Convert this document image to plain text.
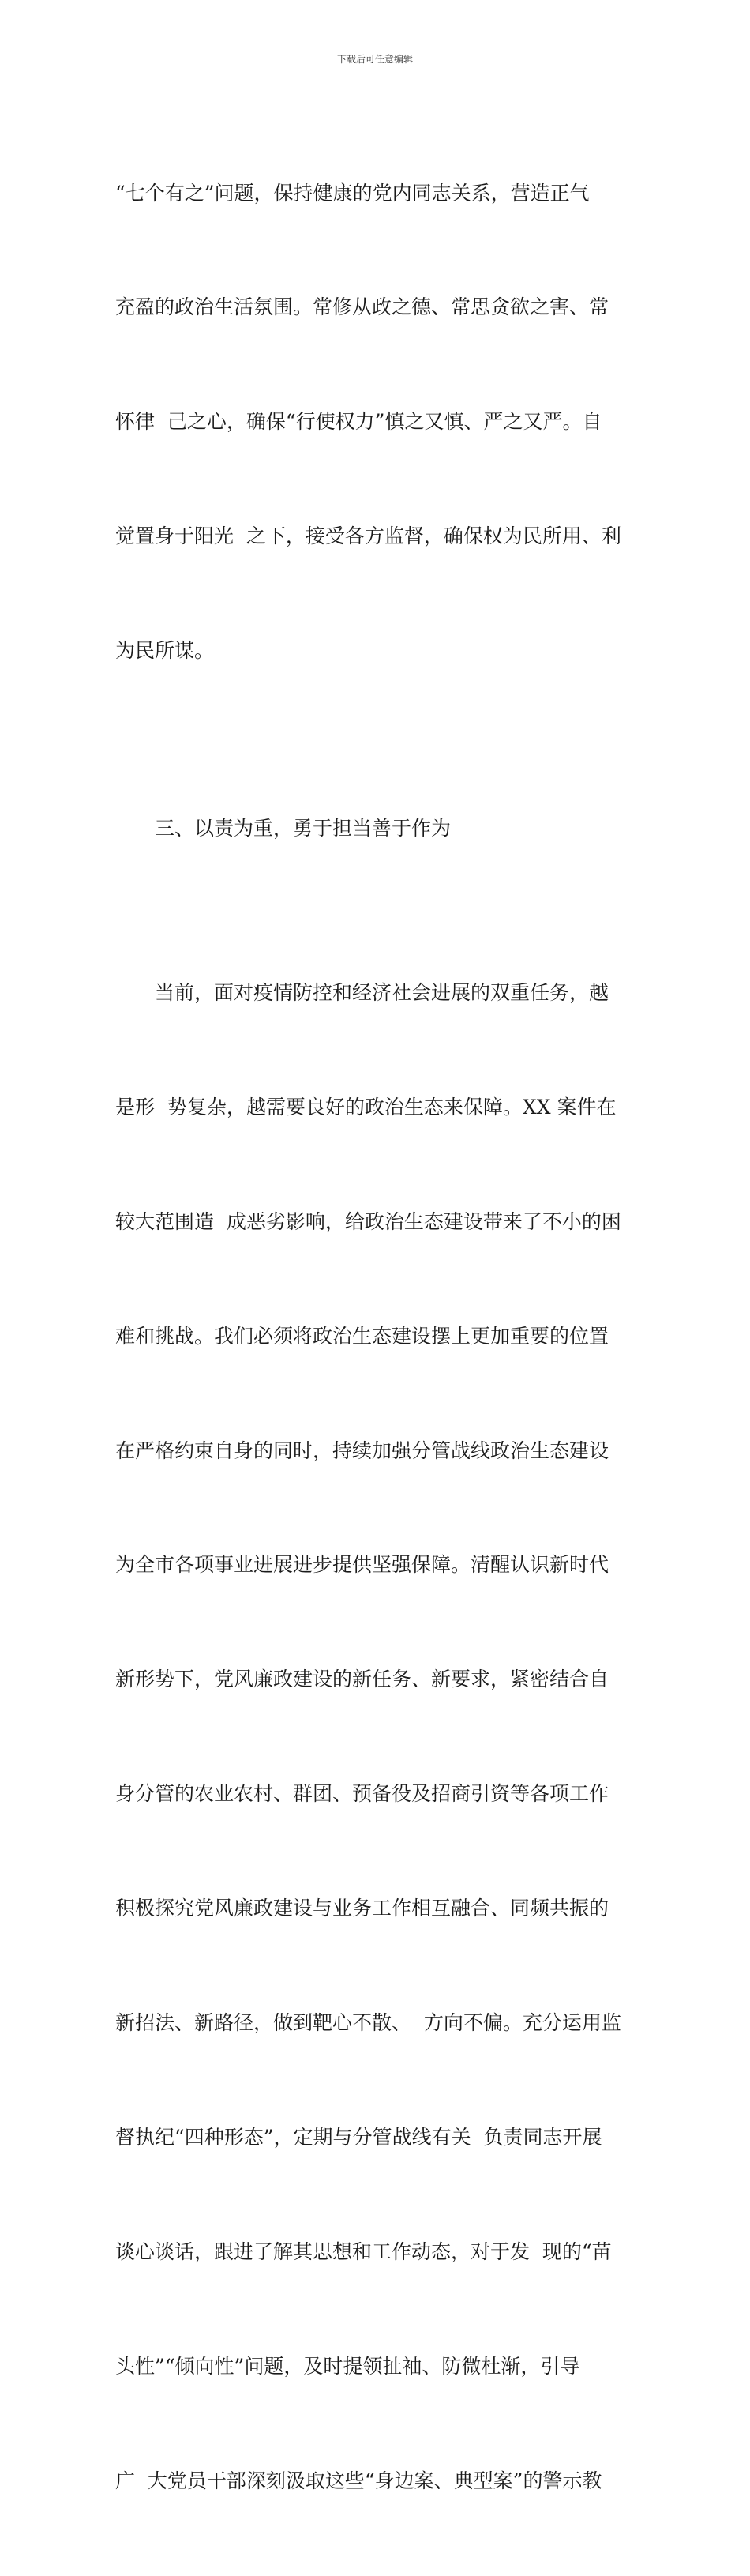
下载后可任意编辑

“七个有之”问题，保持健康的党内同志关系，营造正气

充盈的政治生活氛围。常修从政之德、常思贪欲之害、常

怀律  己之心，确保“行使权力”慎之又慎、严之又严。自

觉置身于阳光  之下，接受各方监督，确保权为民所用、利

为民所谋。

三、以责为重，勇于担当善于作为

当前，面对疫情防控和经济社会进展的双重任务，越

是形  势复杂，越需要良好的政治生态来保障。XX 案件在

较大范围造  成恶劣影响，给政治生态建设带来了不小的困

难和挑战。我们必须将政治生态建设摆上更加重要的位置

在严格约束自身的同时，持续加强分管战线政治生态建设

为全市各项事业进展进步提供坚强保障。清醒认识新时代

新形势下，党风廉政建设的新任务、新要求，紧密结合自

身分管的农业农村、群团、预备役及招商引资等各项工作

积极探究党风廉政建设与业务工作相互融合、同频共振的

新招法、新路径，做到靶心不散、  方向不偏。充分运用监

督执纪“四种形态”，定期与分管战线有关  负责同志开展

谈心谈话，跟进了解其思想和工作动态，对于发  现的“苗

头性”“倾向性”问题，及时提领扯袖、防微杜渐，引导

广  大党员干部深刻汲取这些“身边案、典型案”的警示教
